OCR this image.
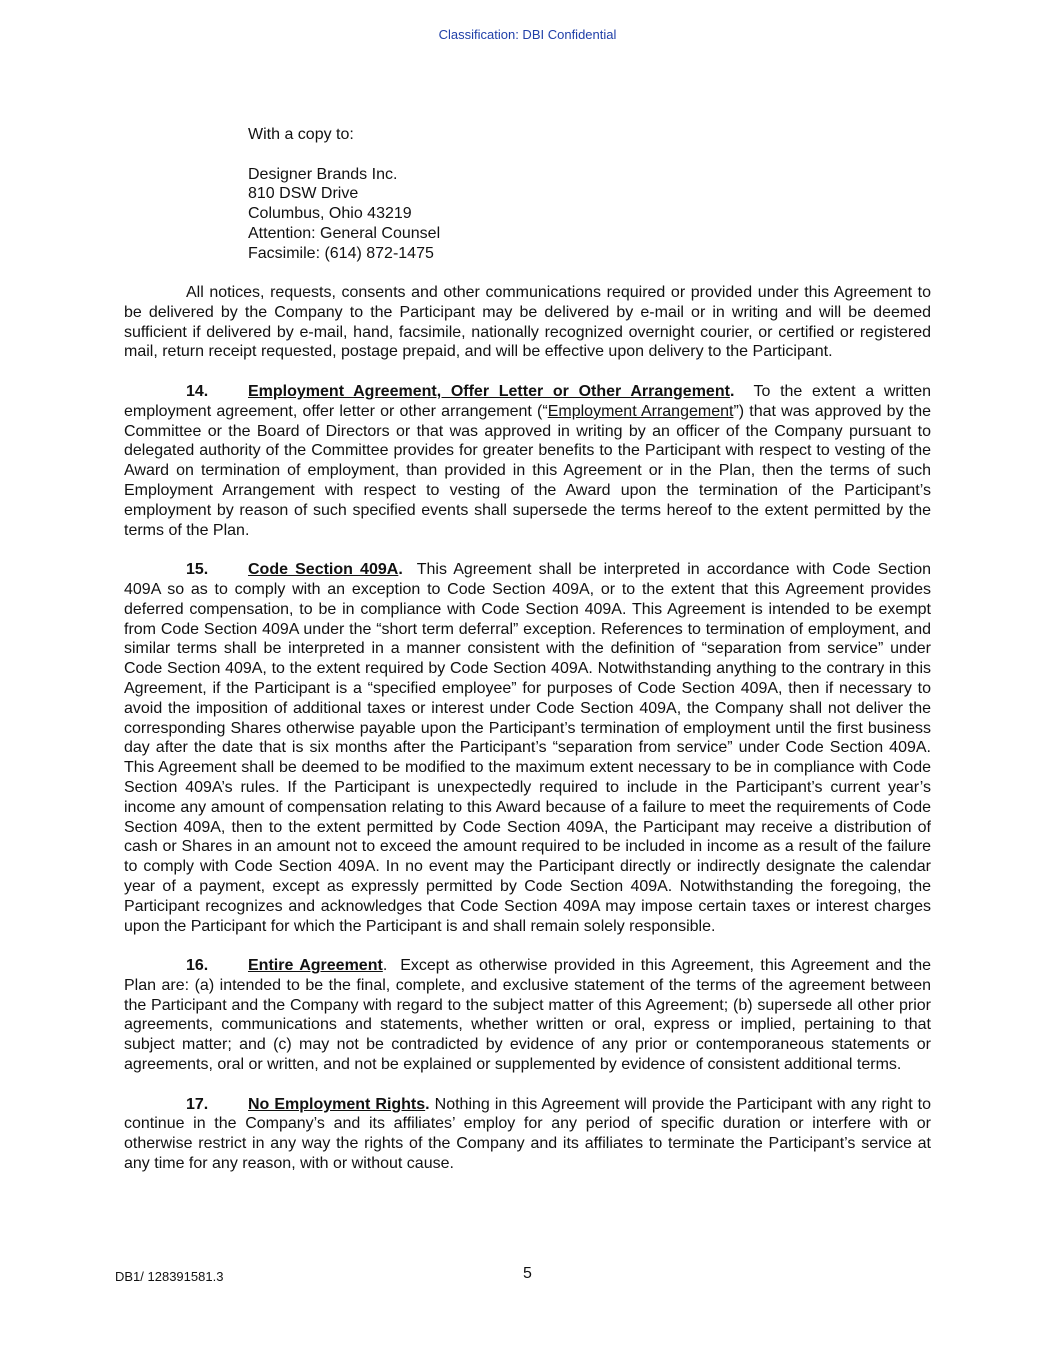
Classification: DBI Confidential
With a copy to:
Designer Brands Inc.
810 DSW Drive
Columbus, Ohio 43219
Attention: General Counsel
Facsimile: (614) 872-1475

All notices, requests, consents and other communications required or provided under this Agreement to be delivered by the Company to the Participant may be delivered by e-mail or in writing and will be deemed sufficient if delivered by e-mail, hand, facsimile, nationally recognized overnight courier, or certified or registered mail, return receipt requested, postage prepaid, and will be effective upon delivery to the Participant.

14. Employment Agreement, Offer Letter or Other Arrangement. To the extent a written employment agreement, offer letter or other arrangement (“Employment Arrangement”) that was approved by the Committee or the Board of Directors or that was approved in writing by an officer of the Company pursuant to delegated authority of the Committee provides for greater benefits to the Participant with respect to vesting of the Award on termination of employment, than provided in this Agreement or in the Plan, then the terms of such Employment Arrangement with respect to vesting of the Award upon the termination of the Participant’s employment by reason of such specified events shall supersede the terms hereof to the extent permitted by the terms of the Plan.

15. Code Section 409A. This Agreement shall be interpreted in accordance with Code Section 409A so as to comply with an exception to Code Section 409A, or to the extent that this Agreement provides deferred compensation, to be in compliance with Code Section 409A. This Agreement is intended to be exempt from Code Section 409A under the “short term deferral” exception. References to termination of employment, and similar terms shall be interpreted in a manner consistent with the definition of “separation from service” under Code Section 409A, to the extent required by Code Section 409A. Notwithstanding anything to the contrary in this Agreement, if the Participant is a “specified employee” for purposes of Code Section 409A, then if necessary to avoid the imposition of additional taxes or interest under Code Section 409A, the Company shall not deliver the corresponding Shares otherwise payable upon the Participant’s termination of employment until the first business day after the date that is six months after the Participant’s “separation from service” under Code Section 409A. This Agreement shall be deemed to be modified to the maximum extent necessary to be in compliance with Code Section 409A’s rules. If the Participant is unexpectedly required to include in the Participant’s current year’s income any amount of compensation relating to this Award because of a failure to meet the requirements of Code Section 409A, then to the extent permitted by Code Section 409A, the Participant may receive a distribution of cash or Shares in an amount not to exceed the amount required to be included in income as a result of the failure to comply with Code Section 409A. In no event may the Participant directly or indirectly designate the calendar year of a payment, except as expressly permitted by Code Section 409A. Notwithstanding the foregoing, the Participant recognizes and acknowledges that Code Section 409A may impose certain taxes or interest charges upon the Participant for which the Participant is and shall remain solely responsible.

16. Entire Agreement.  Except as otherwise provided in this Agreement, this Agreement and the Plan are: (a) intended to be the final, complete, and exclusive statement of the terms of the agreement between the Participant and the Company with regard to the subject matter of this Agreement; (b) supersede all other prior agreements, communications and statements, whether written or oral, express or implied, pertaining to that subject matter; and (c) may not be contradicted by evidence of any prior or contemporaneous statements or agreements, oral or written, and not be explained or supplemented by evidence of consistent additional terms.

17. No Employment Rights. Nothing in this Agreement will provide the Participant with any right to continue in the Company’s and its affiliates’ employ for any period of specific duration or interfere with or otherwise restrict in any way the rights of the Company and its affiliates to terminate the Participant’s service at any time for any reason, with or without cause.

DB1/ 128391581.3	5
